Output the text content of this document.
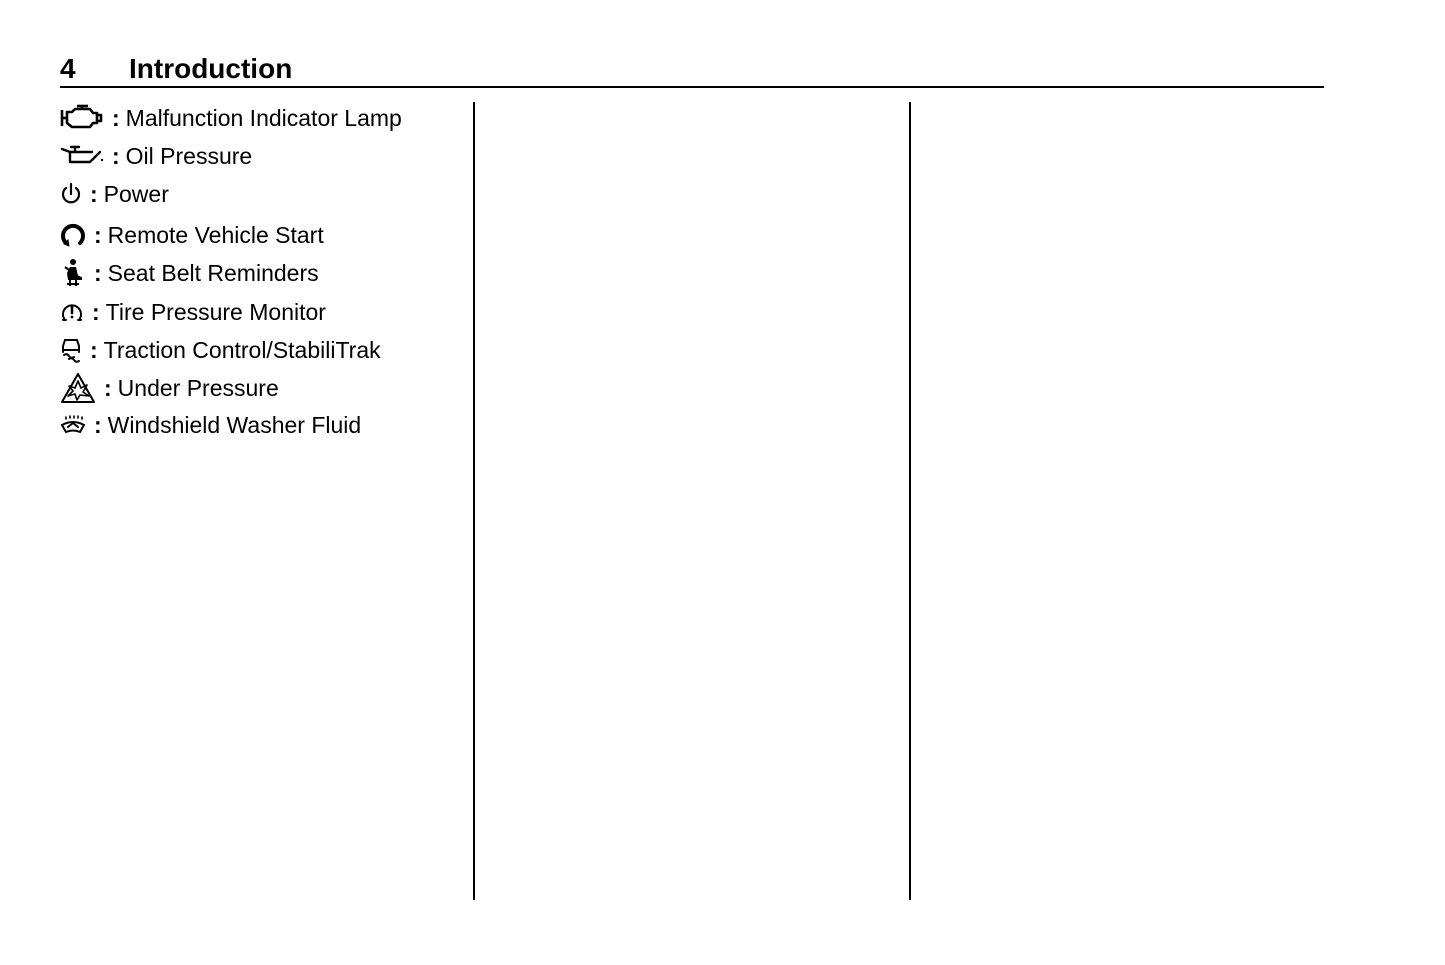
4 Introduction
: Malfunction Indicator Lamp
: Oil Pressure
: Power
: Remote Vehicle Start
: Seat Belt Reminders
: Tire Pressure Monitor
: Traction Control/StabiliTrak
: Under Pressure
: Windshield Washer Fluid
